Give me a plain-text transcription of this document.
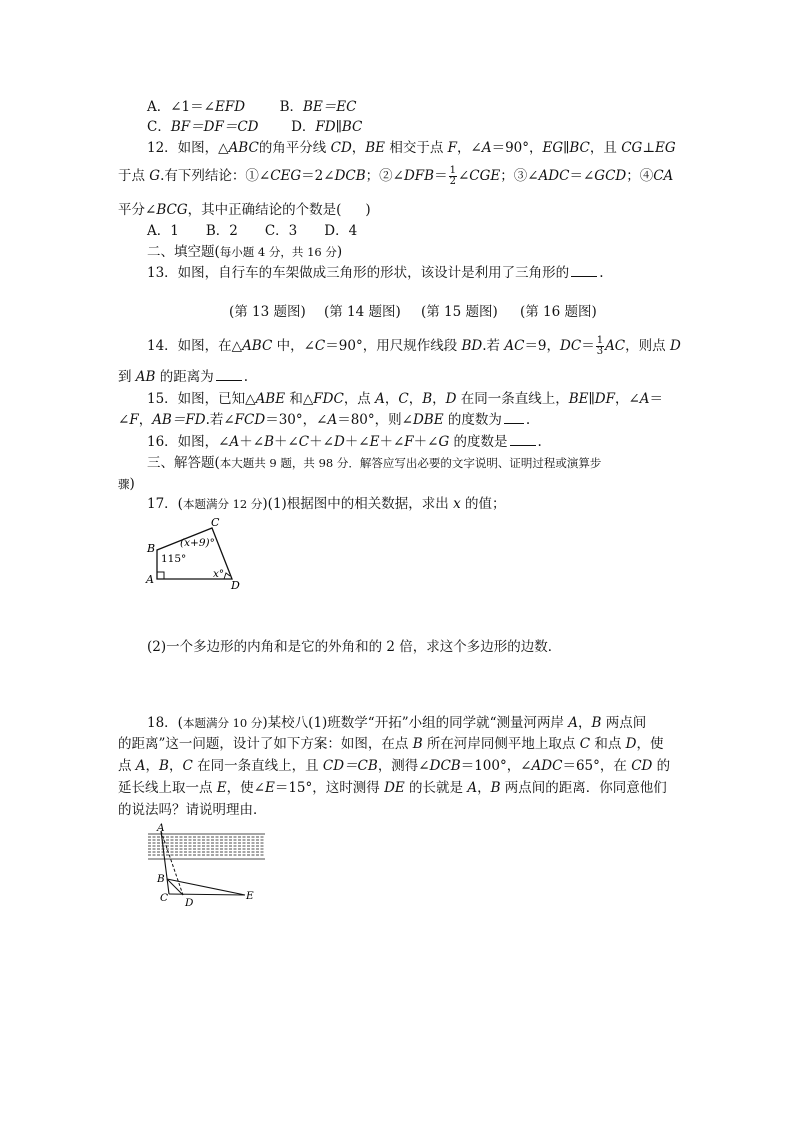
A．∠1＝∠EFD	B．BE＝EC
C．BF＝DF＝CD D．FD∥BC
12．如图，△ABC的角平分线 CD，BE 相交于点 F，∠A＝90°，EG∥BC，且 CG⊥EG
于点 G.有下列结论：①∠CEG＝2∠DCB；②∠DFB＝ $\frac{1}{2}$ ∠CGE；③∠ADC＝∠GCD；④CA
平分∠BCG，其中正确结论的个数是( )
A．1　　B．2　　C．3　　D．4
二、填空题(每小题 4 分，共 16 分)
13．如图，自行车的车架做成三角形的形状，该设计是利用了三角形的 .
(第 13 题图) (第 14 题图) (第 15 题图) (第 16 题图)
14．如图，在△ABC 中，∠C＝90°，用尺规作线段 BD.若 AC＝9，$DC= \frac{1}{3}$ AC，则点 D
到 AB 的距离为 .
15．如图，已知△ABE 和△FDC，点 A，C，B，D 在同一条直线上，BE∥DF，∠A＝
∠F，AB＝FD.若∠FCD＝30°，∠A＝80°，则∠DBE 的度数为 .
16．如图，∠A＋∠B＋∠C＋∠D＋∠E＋∠F＋∠G 的度数是 .
三、解答题(本大题共 9 题，共 98 分．解答应写出必要的文字说明、证明过程或演算步
骤)
17．(本题满分 12 分)(1)根据图中的相关数据，求出 x 的值；
B
C
A	D
115°
(x+9)°
x°
(2)一个多边形的内角和是它的外角和的 2 倍，求这个多边形的边数．
18．(本题满分 10 分)某校八(1)班数学“开拓”小组的同学就“测量河两岸 A，B 两点间
的距离”这一问题，设计了如下方案：如图，在点 B 所在河岸同侧平地上取点 C 和点 D，使
点 A，B，C 在同一条直线上，且 CD＝CB，测得∠DCB＝100°，∠ADC＝65°，在 CD 的
延长线上取一点 E，使∠E＝15°，这时测得 DE 的长就是 A，B 两点间的距离．你同意他们
的说法吗？请说明理由．
A
B
C D
E
